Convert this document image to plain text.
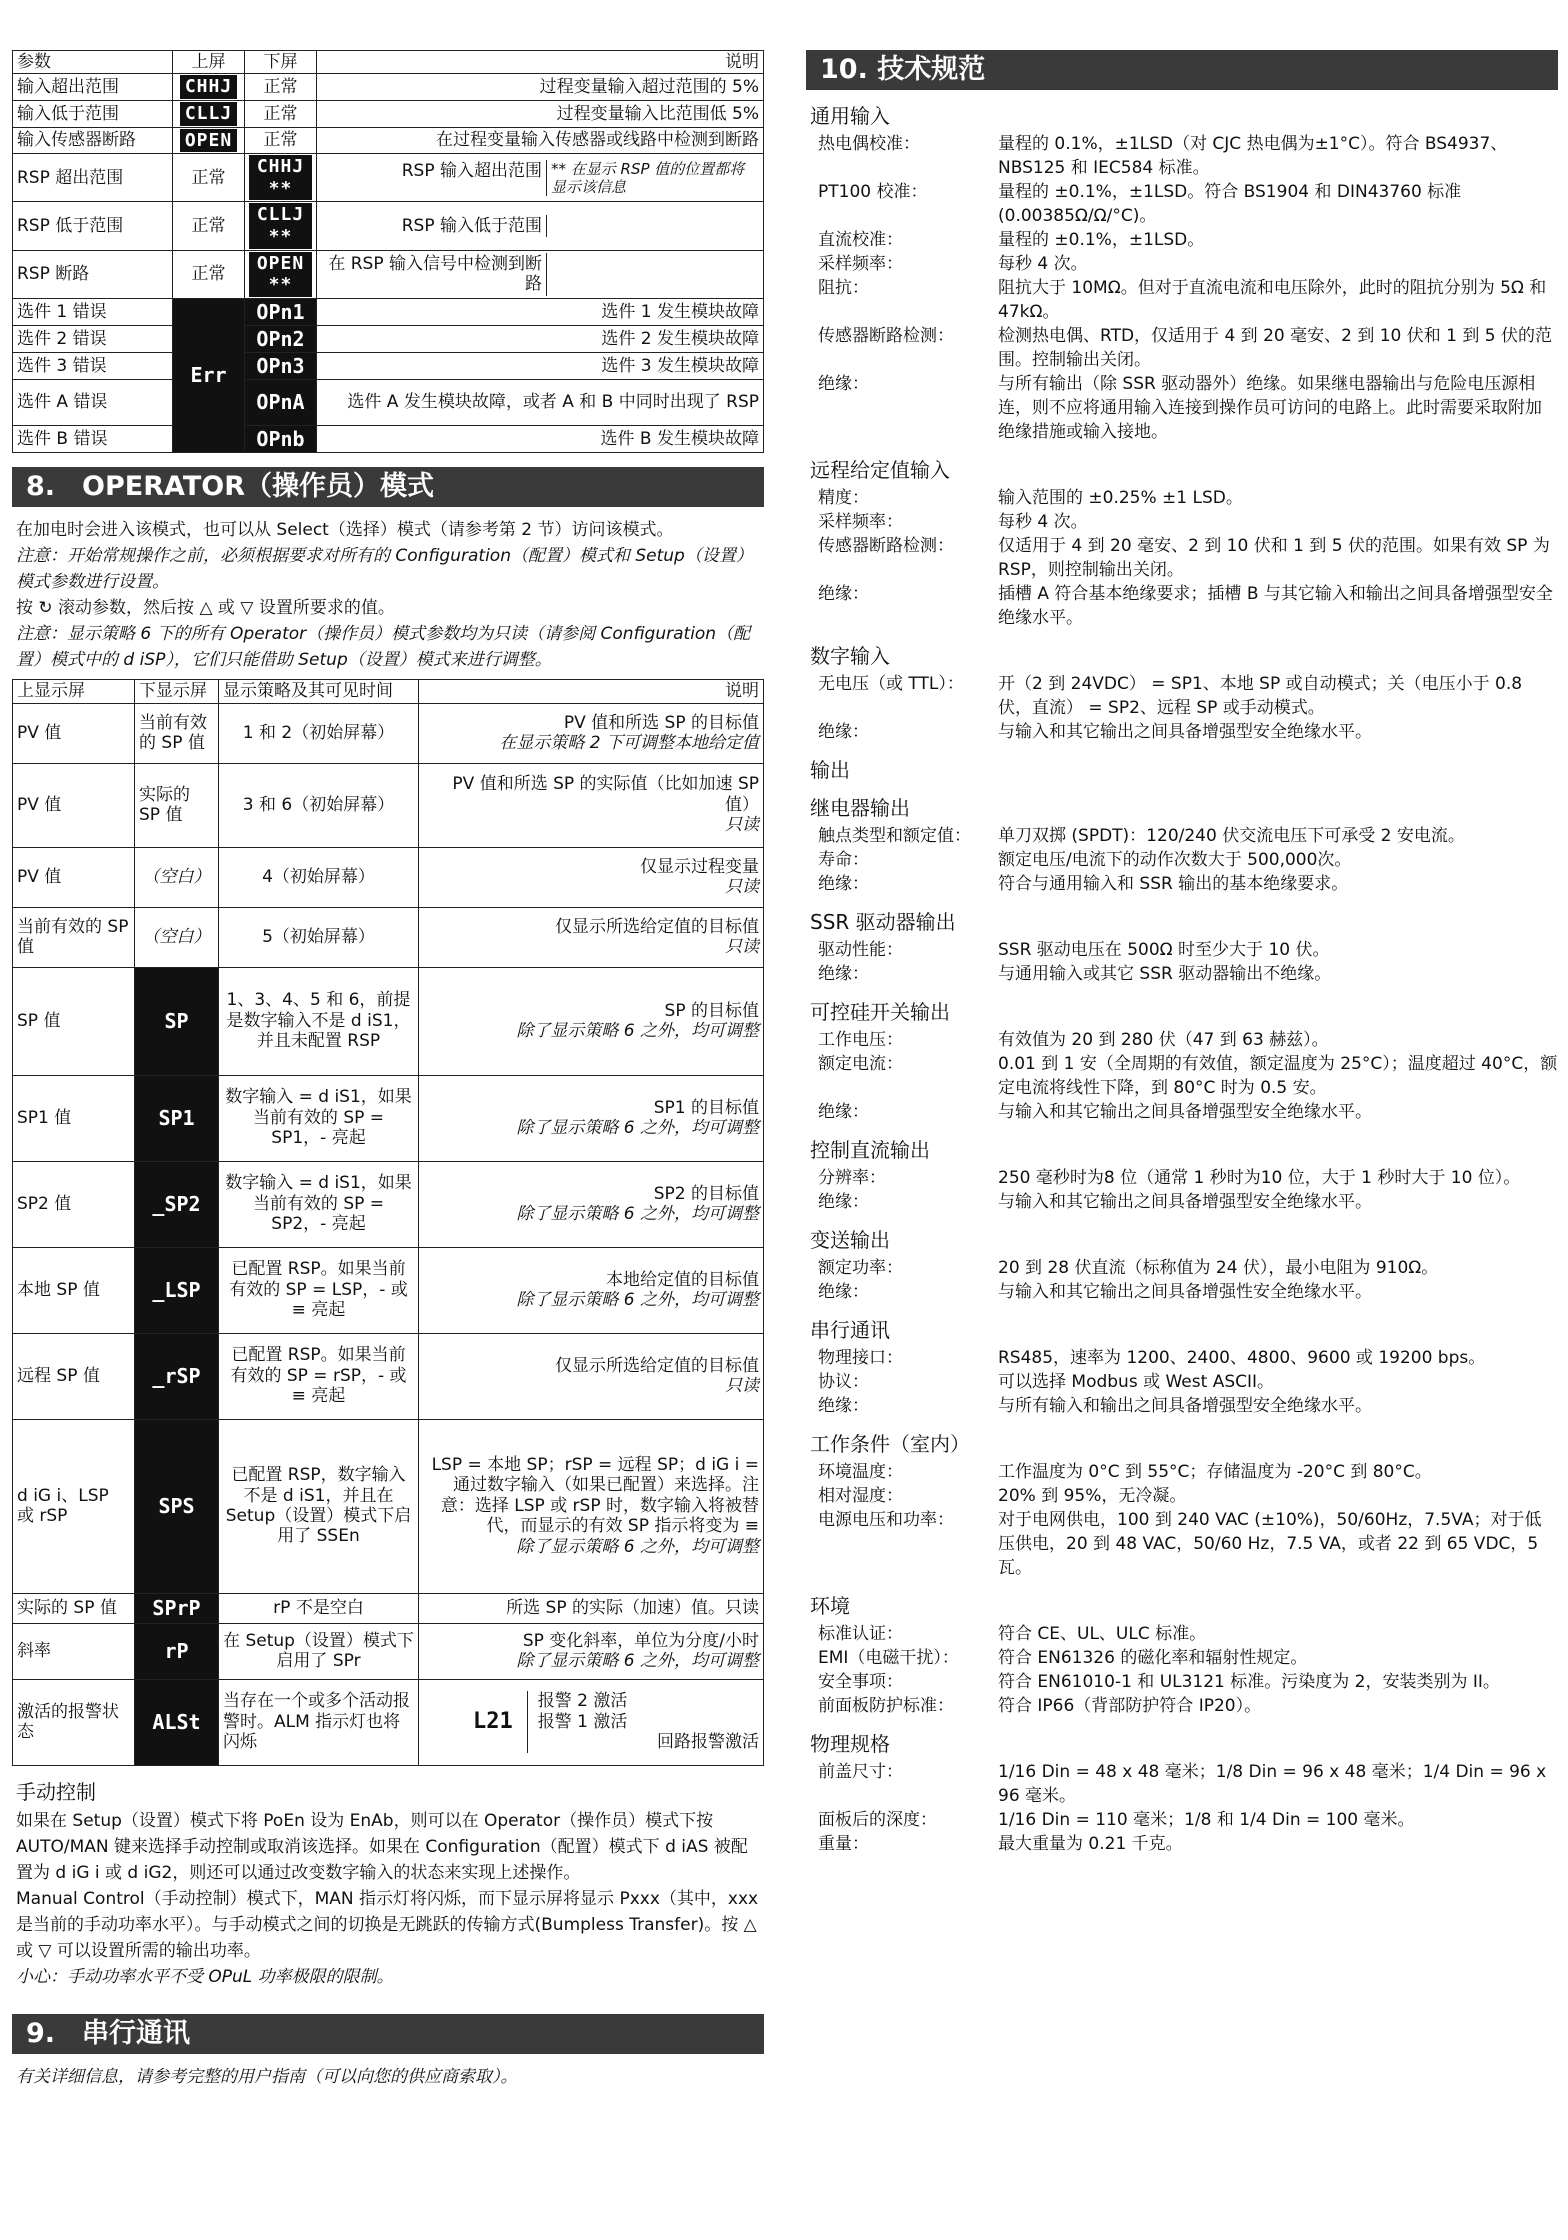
参数	上屏	下屏	说明
输入超出范围	CHHJ	正常	过程变量输入超过范围的 5%
输入低于范围	CLLJ	正常	过程变量输入比范围低 5%
输入传感器断路	OPEN	正常	在过程变量输入传感器或线路中检测到断路
RSP 超出范围	正常	CHHJ **	RSP 输入超出范围 ** 在显示 RSP 值的位置都将显示该信息

RSP 低于范围	正常	CLLJ **	RSP 输入低于范围

RSP 断路	正常	OPEN **	在 RSP 输入信号中检测到断路

选件 1 错误	Err	OPn1	选件 1 发生模块故障
选件 2 错误		OPn2	选件 2 发生模块故障
选件 3 错误		OPn3	选件 3 发生模块故障
选件 A 错误		OPnA	选件 A 发生模块故障，或者 A 和 B 中同时出现了 RSP
选件 B 错误		OPnb	选件 B 发生模块故障
8.　OPERATOR（操作员）模式

在加电时会进入该模式，也可以从 Select（选择）模式（请参考第 2 节）访问该模式。

注意：开始常规操作之前，必须根据要求对所有的 Configuration（配置）模式和 Setup（设置）模式参数进行设置。

按 ↻ 滚动参数，然后按 △ 或 ▽ 设置所要求的值。

注意：显示策略 6 下的所有 Operator（操作员）模式参数均为只读（请参阅 Configuration（配置）模式中的 d iSP），它们只能借助 Setup（设置）模式来进行调整。

上显示屏	下显示屏	显示策略及其可见时间	说明
PV 值	当前有效的 SP 值	1 和 2（初始屏幕）	PV 值和所选 SP 的目标值
在显示策略 2 下可调整本地给定值

PV 值	实际的 SP 值	3 和 6（初始屏幕）	PV 值和所选 SP 的实际值（比如加速 SP 值）
只读

PV 值	（空白）	4（初始屏幕）	仅显示过程变量
只读

当前有效的 SP 值	（空白）	5（初始屏幕）	仅显示所选给定值的目标值
只读

SP 值	SP	1、3、4、5 和 6，前提是数字输入不是 d iS1，并且未配置 RSP	SP 的目标值
除了显示策略 6 之外，均可调整

SP1 值	SP1	数字输入 = d iS1，如果当前有效的 SP = SP1，- 亮起	SP1 的目标值
除了显示策略 6 之外，均可调整

SP2 值	_SP2	数字输入 = d iS1，如果当前有效的 SP = SP2，- 亮起	SP2 的目标值
除了显示策略 6 之外，均可调整

本地 SP 值	_LSP	已配置 RSP。如果当前有效的 SP = LSP，- 或 ≡ 亮起	本地给定值的目标值
除了显示策略 6 之外，均可调整

远程 SP 值	_rSP	已配置 RSP。如果当前有效的 SP = rSP，- 或 ≡ 亮起	仅显示所选给定值的目标值
只读

d iG i、LSP 或 rSP	SPS	已配置 RSP，数字输入不是 d iS1，并且在 Setup（设置）模式下启用了 SSEn	LSP = 本地 SP；rSP = 远程 SP；d iG i = 通过数字输入（如果已配置）来选择。注意：选择 LSP 或 rSP 时，数字输入将被替代，而显示的有效 SP 指示将变为 ≡
除了显示策略 6 之外，均可调整

实际的 SP 值	SPrP	rP 不是空白	所选 SP 的实际（加速）值。只读
斜率	rP	在 Setup（设置）模式下启用了 SPr	SP 变化斜率，单位为分度/小时
除了显示策略 6 之外，均可调整

激活的报警状态	ALSt	当存在一个或多个活动报警时。ALM 指示灯也将闪烁	L21
报警 2 激活
报警 1 激活
回路报警激活
手动控制

如果在 Setup（设置）模式下将 PoEn 设为 EnAb，则可以在 Operator（操作员）模式下按 AUTO/MAN 键来选择手动控制或取消该选择。如果在 Configuration（配置）模式下 d iAS 被配置为 d iG i 或 d iG2，则还可以通过改变数字输入的状态来实现上述操作。

Manual Control（手动控制）模式下，MAN 指示灯将闪烁，而下显示屏将显示 Pxxx（其中，xxx 是当前的手动功率水平）。与手动模式之间的切换是无跳跃的传输方式(Bumpless Transfer)。按 △ 或 ▽ 可以设置所需的输出功率。

小心：手动功率水平不受 OPuL 功率极限的限制。

9.　串行通讯

有关详细信息，请参考完整的用户指南（可以向您的供应商索取）。

10. 技术规范
通用输入
热电偶校准：	量程的 0.1%，±1LSD（对 CJC 热电偶为±1°C）。符合 BS4937、NBS125 和 IEC584 标准。
PT100 校准：	量程的 ±0.1%，±1LSD。符合 BS1904 和 DIN43760 标准 (0.00385Ω/Ω/°C)。
直流校准：	量程的 ±0.1%，±1LSD。
采样频率：	每秒 4 次。
阻抗：	阻抗大于 10MΩ。但对于直流电流和电压除外，此时的阻抗分别为 5Ω 和 47kΩ。
传感器断路检测：	检测热电偶、RTD，仅适用于 4 到 20 毫安、2 到 10 伏和 1 到 5 伏的范围。控制输出关闭。
绝缘：	与所有输出（除 SSR 驱动器外）绝缘。如果继电器输出与危险电压源相连，则不应将通用输入连接到操作员可访问的电路上。此时需要采取附加绝缘措施或输入接地。
远程给定值输入
精度：	输入范围的 ±0.25% ±1 LSD。
采样频率：	每秒 4 次。
传感器断路检测：	仅适用于 4 到 20 毫安、2 到 10 伏和 1 到 5 伏的范围。如果有效 SP 为 RSP，则控制输出关闭。
绝缘：	插槽 A 符合基本绝缘要求；插槽 B 与其它输入和输出之间具备增强型安全绝缘水平。
数字输入
无电压（或 TTL）：	开（2 到 24VDC） = SP1、本地 SP 或自动模式；关（电压小于 0.8 伏，直流） = SP2、远程 SP 或手动模式。
绝缘：	与输入和其它输出之间具备增强型安全绝缘水平。
输出
继电器输出
触点类型和额定值：	单刀双掷 (SPDT)：120/240 伏交流电压下可承受 2 安电流。
寿命：	额定电压/电流下的动作次数大于 500,000次。
绝缘：	符合与通用输入和 SSR 输出的基本绝缘要求。
SSR 驱动器输出
驱动性能：	SSR 驱动电压在 500Ω 时至少大于 10 伏。
绝缘：	与通用输入或其它 SSR 驱动器输出不绝缘。
可控硅开关输出
工作电压：	有效值为 20 到 280 伏（47 到 63 赫兹）。
额定电流：	0.01 到 1 安（全周期的有效值，额定温度为 25°C）；温度超过 40°C，额定电流将线性下降，到 80°C 时为 0.5 安。
绝缘：	与输入和其它输出之间具备增强型安全绝缘水平。
控制直流输出
分辨率：	250 毫秒时为8 位（通常 1 秒时为10 位，大于 1 秒时大于 10 位）。
绝缘：	与输入和其它输出之间具备增强型安全绝缘水平。
变送输出
额定功率：	20 到 28 伏直流（标称值为 24 伏），最小电阻为 910Ω。
绝缘：	与输入和其它输出之间具备增强性安全绝缘水平。
串行通讯
物理接口：	RS485，速率为 1200、2400、4800、9600 或 19200 bps。
协议：	可以选择 Modbus 或 West ASCII。
绝缘：	与所有输入和输出之间具备增强型安全绝缘水平。
工作条件（室内）
环境温度：	工作温度为 0°C 到 55°C；存储温度为 -20°C 到 80°C。
相对湿度：	20% 到 95%，无冷凝。
电源电压和功率：	对于电网供电，100 到 240 VAC (±10%)，50/60Hz，7.5VA；对于低压供电，20 到 48 VAC，50/60 Hz，7.5 VA，或者 22 到 65 VDC，5 瓦。
环境
标准认证：	符合 CE、UL、ULC 标准。
EMI（电磁干扰）：	符合 EN61326 的磁化率和辐射性规定。
安全事项：	符合 EN61010-1 和 UL3121 标准。污染度为 2，安装类别为 II。
前面板防护标准：	符合 IP66（背部防护符合 IP20）。
物理规格
前盖尺寸：	1/16 Din = 48 x 48 毫米；1/8 Din = 96 x 48 毫米；1/4 Din = 96 x 96 毫米。
面板后的深度：	1/16 Din = 110 毫米；1/8 和 1/4 Din = 100 毫米。
重量：	最大重量为 0.21 千克。
